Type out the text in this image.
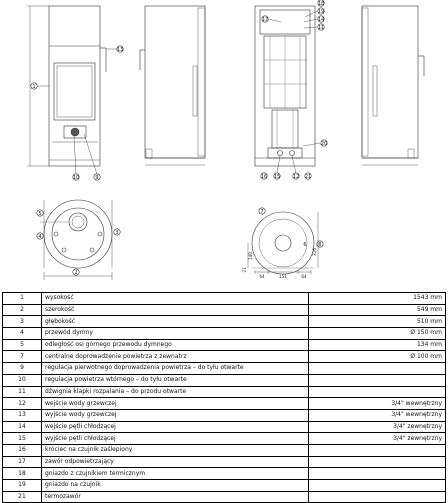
1
13
10	9
17
18
19
14
11
20
16 15	12 21
5
4
3
2
7
8
6
140	316
21
64	151	64
1	wysokość	1543 mm
2	szerokość	549 mm
3	głębokość	510 mm
4	przewód dymny	Ø 150 mm
5	odległość osi górnego przewodu dymnego	134 mm
7	centralne doprowadzenie powietrza z zewnatrz	Ø 100 mm
9	regulacja pierwotnego doprowadzenia powietrza – do tyłu otwarte	
10	regulacja powietrza wtórnego – do tyłu otwarte	
11	dźwignia klapki rozpalania – do przodu otwarte	
12	wejście wody grzewczej	3/4" wewnętrzny
13	wyjście wody grzewczej	3/4" wewnętrzny
14	wejście pętli chłodzącej	3/4" zewnętrzny
15	wyjście pętli chłodzącej	3/4" zewnętrzny
16	króciec na czujnik zaślepiony	
17	zawór odpowietrzający	
18	gniazdo z czujnikiem termicznym	
19	gniazdo na czujnik	
21	termozawór	
